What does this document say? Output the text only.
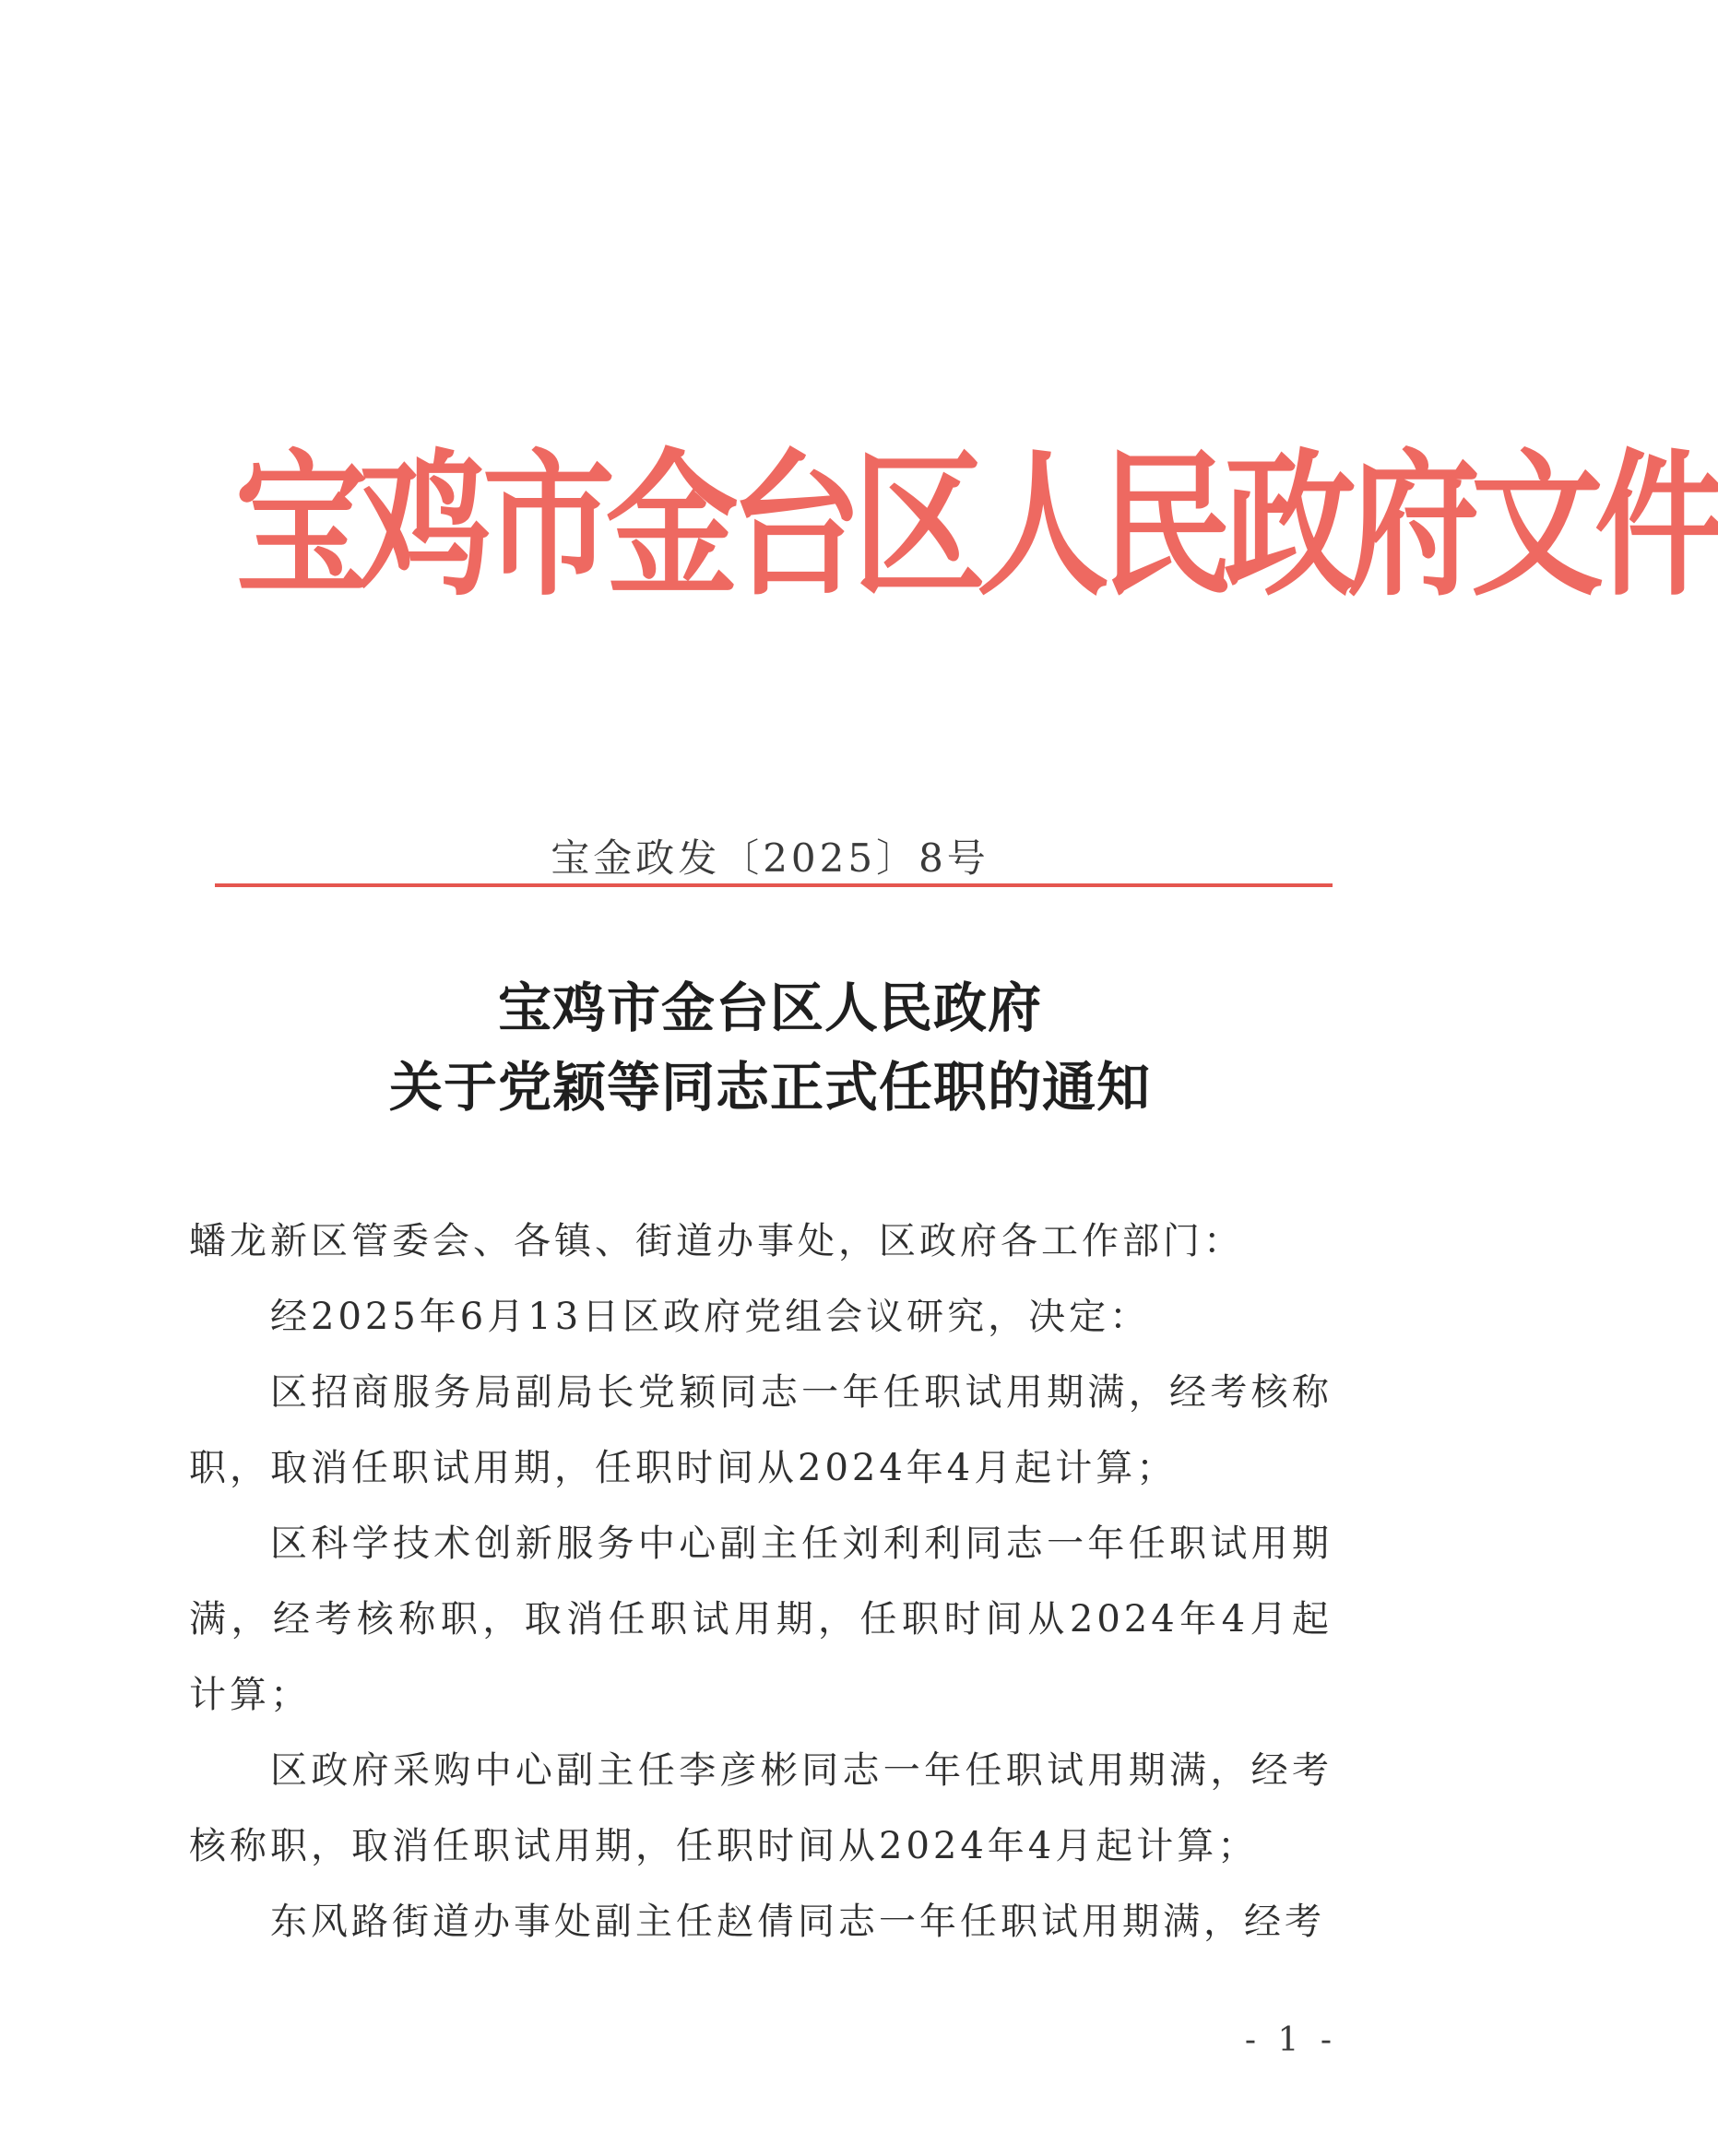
宝鸡市金台区人民政府文件
宝金政发〔2025〕8号
宝鸡市金台区人民政府
关于党颖等同志正式任职的通知

蟠龙新区管委会、各镇、街道办事处，区政府各工作部门：

经2025年6月13日区政府党组会议研究，决定：

区招商服务局副局长党颖同志一年任职试用期满，经考核称职，取消任职试用期，任职时间从2024年4月起计算；

区科学技术创新服务中心副主任刘利利同志一年任职试用期满，经考核称职，取消任职试用期，任职时间从2024年4月起计算；

区政府采购中心副主任李彦彬同志一年任职试用期满，经考核称职，取消任职试用期，任职时间从2024年4月起计算；

东风路街道办事处副主任赵倩同志一年任职试用期满，经考

- 1 -
